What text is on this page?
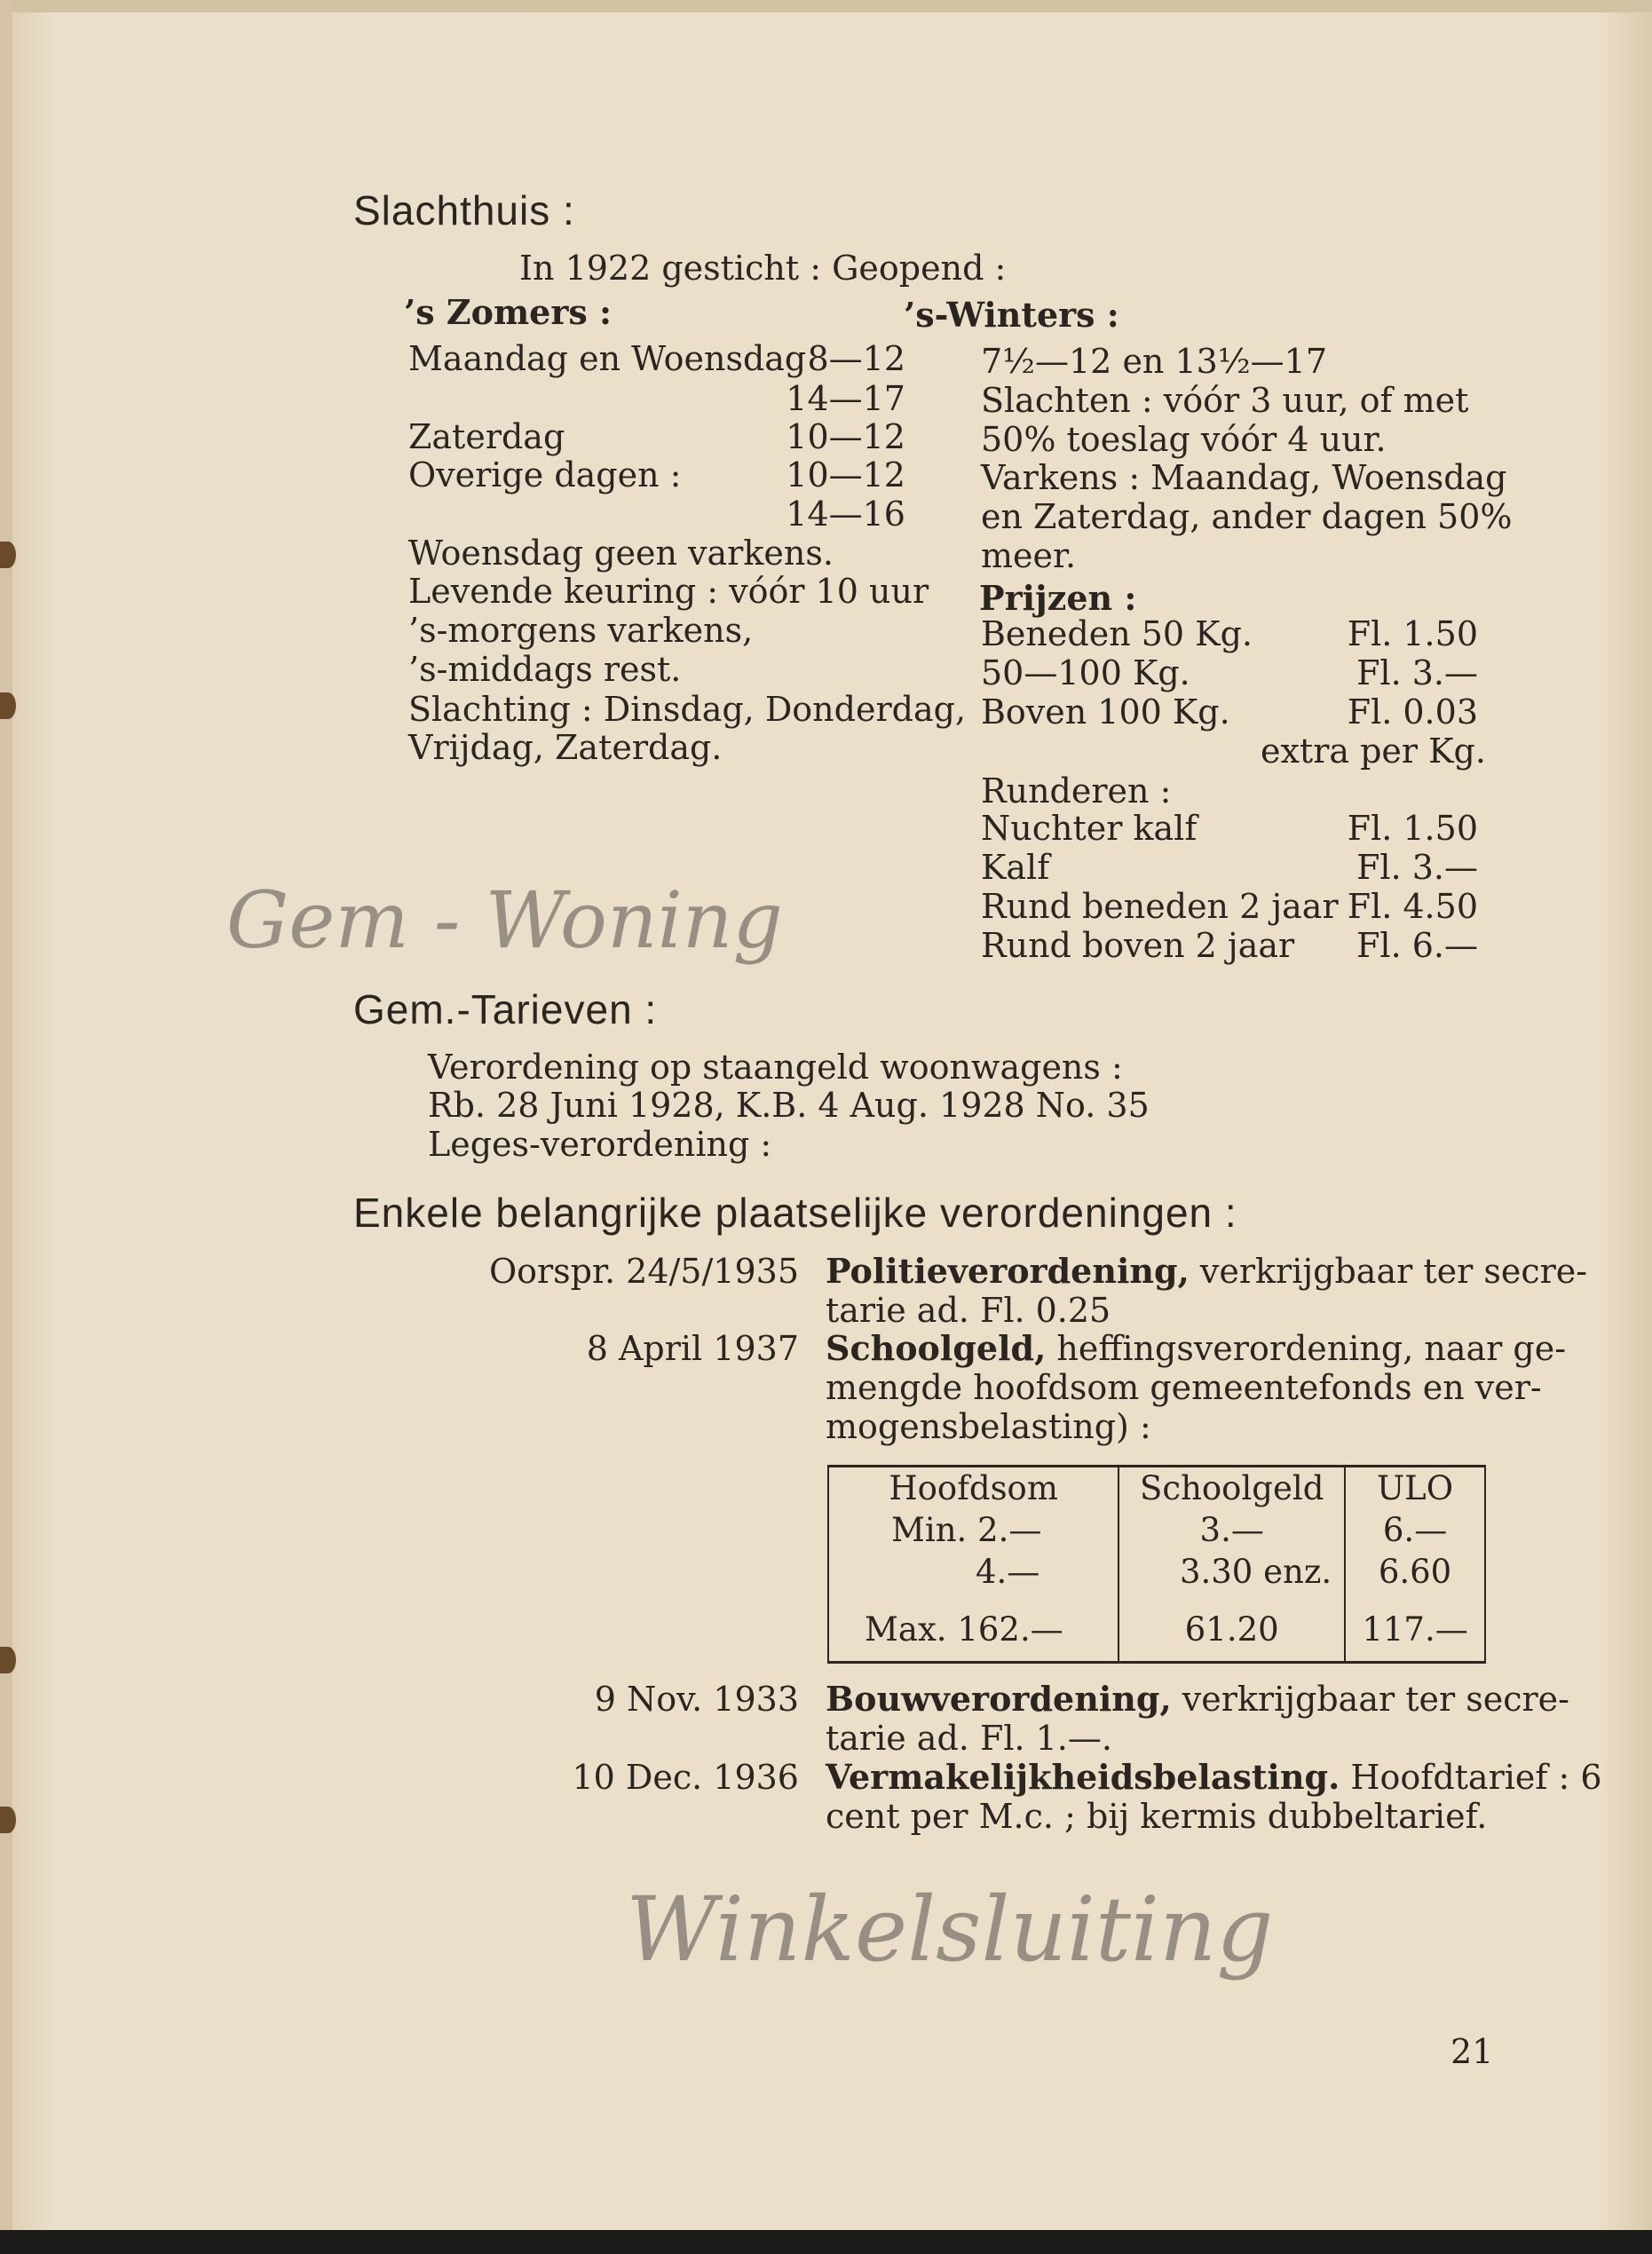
Slachthuis :
In 1922 gesticht : Geopend :
’s Zomers :	’s-Winters :
Maandag en Woensdag 8—12
14—17
Zaterdag	10—12
Overige dagen :	10—12
14—16
Woensdag geen varkens.
Levende keuring : vóór 10 uur
’s-morgens varkens,
’s-middags rest.
Slachting : Dinsdag, Donderdag,
Vrijdag, Zaterdag.
7½—12 en 13½—17
Slachten : vóór 3 uur, of met
50% toeslag vóór 4 uur.
Varkens : Maandag, Woensdag
en Zaterdag, ander dagen 50%
meer.
Prijzen :
Beneden 50 Kg.	Fl. 1.50
50—100 Kg.	Fl. 3.—
Boven 100 Kg.	Fl. 0.03
extra per Kg.
Runderen :
Nuchter kalf	Fl. 1.50
Kalf	Fl. 3.—
Rund beneden 2 jaar Fl. 4.50
Rund boven 2 jaar	Fl. 6.—
Gem - Woning
Gem.-Tarieven :
Verordening op staangeld woonwagens :
Rb. 28 Juni 1928, K.B. 4 Aug. 1928 No. 35
Leges-verordening :
Enkele belangrijke plaatselijke verordeningen :
Oorspr. 24/5/1935 Politieverordening, verkrijgbaar ter secre-
tarie ad. Fl. 0.25
8 April 1937 Schoolgeld, heffingsverordening, naar ge-
mengde hoofdsom gemeentefonds en ver-
mogensbelasting) :
9 Nov. 1933 Bouwverordening, verkrijgbaar ter secre-
tarie ad. Fl. 1.—.
10 Dec. 1936 Vermakelijkheidsbelasting. Hoofdtarief : 6
cent per M.c. ; bij kermis dubbeltarief.
Hoofdsom	Schoolgeld	ULO
Min. 2.—	3.—	6.—
4.—	3.30 enz.	6.60
Max. 162.—	61.20	117.—
Winkelsluiting
21
